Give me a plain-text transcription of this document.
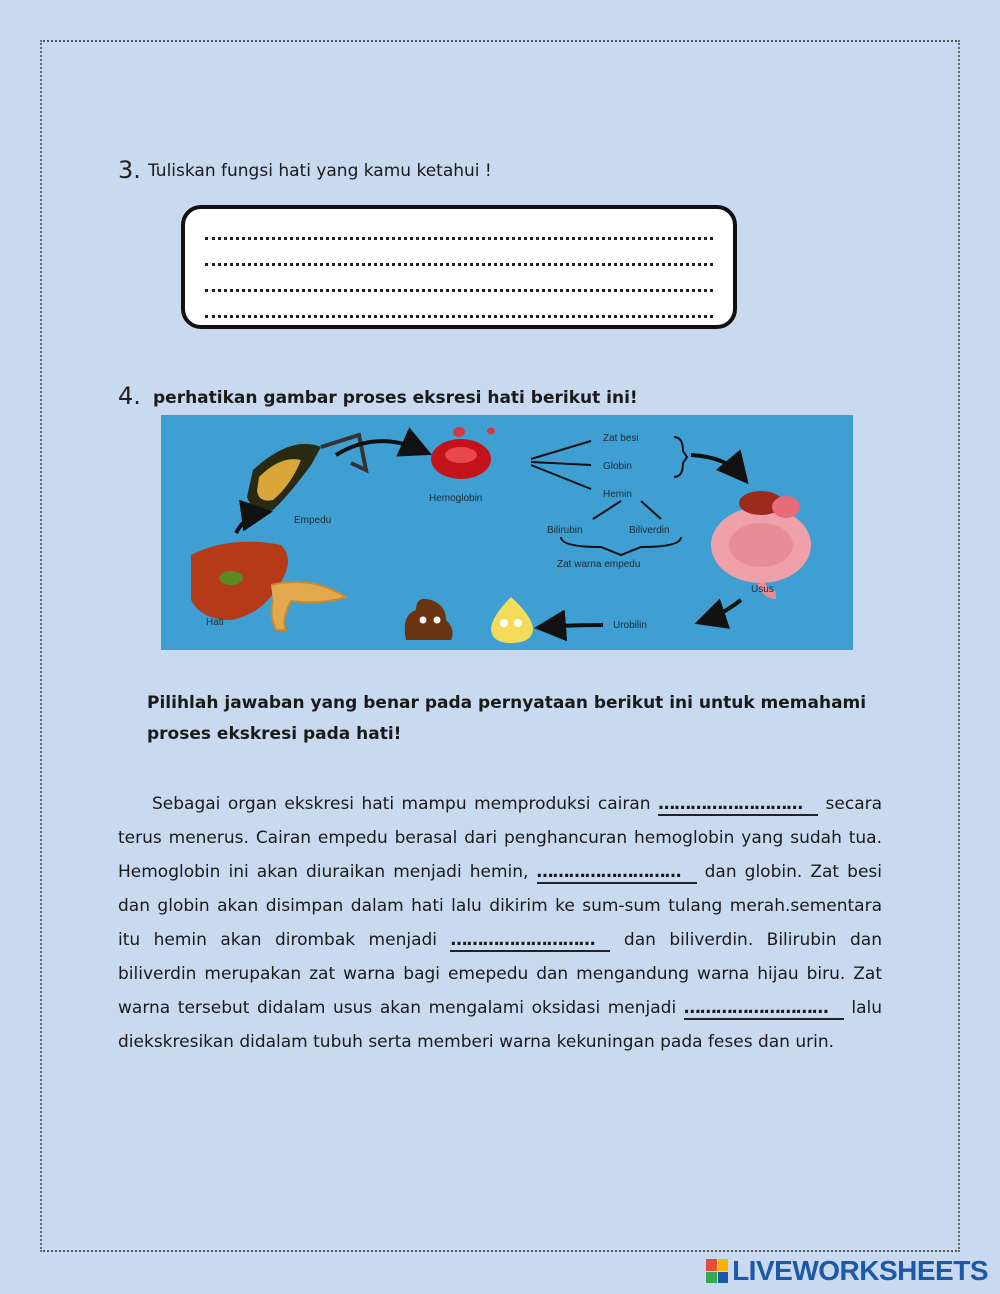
3. Tuliskan fungsi hati yang kamu ketahui !
4. perhatikan gambar proses eksresi hati berikut ini!
Empedu
Hemoglobin
Zat besi
Globin
Hemin
Bilirubin	Biliverdin
Zat warna empedu
Usus
Urobilin
Hati
Pilihlah jawaban yang benar pada pernyataan berikut ini untuk memahami proses ekskresi pada hati!
Sebagai organ ekskresi hati mampu memproduksi cairan ……………………… secara terus menerus. Cairan empedu berasal dari penghancuran hemoglobin yang sudah tua. Hemoglobin ini akan diuraikan menjadi hemin, ……………………… dan globin. Zat besi dan globin akan disimpan dalam hati lalu dikirim ke sum-sum tulang merah.sementara itu hemin akan dirombak menjadi ……………………… dan biliverdin. Bilirubin dan biliverdin merupakan zat warna bagi emepedu dan mengandung warna hijau biru. Zat warna tersebut didalam usus akan mengalami oksidasi menjadi ……………………… lalu diekskresikan didalam tubuh serta memberi warna kekuningan pada feses dan urin.
LIVEWORKSHEETS
